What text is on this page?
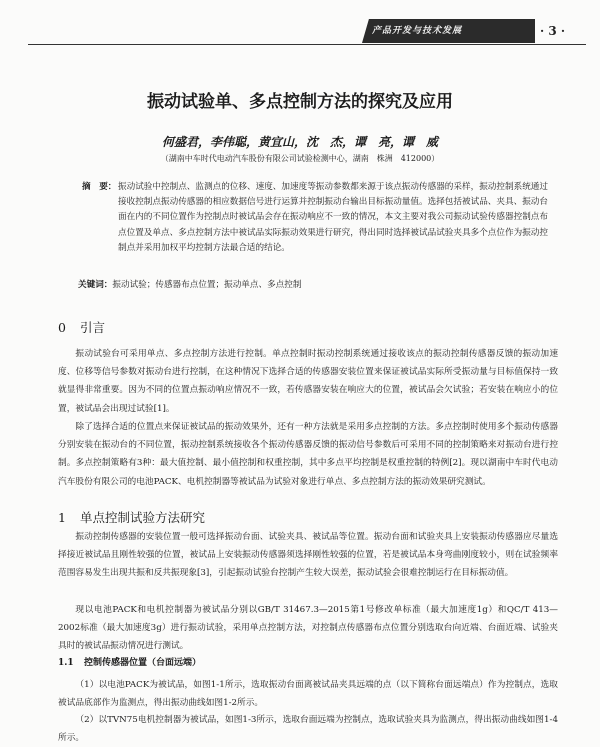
产品开发与技术发展	· 3 ·
振动试验单、多点控制方法的探究及应用
何盛君，李伟聪，黄宜山，沈　杰，谭　亮，谭　威
（湖南中车时代电动汽车股份有限公司试验检测中心，湖南　株洲　412000）
摘　要： 振动试验中控制点、监测点的位移、速度、加速度等振动参数都来源于该点振动传感器的采样，振动控制系统通过接收控制点振动传感器的相应数据信号进行运算并控制振动台输出目标振动量值。选择包括被试品、夹具、振动台面在内的不同位置作为控制点时被试品会存在振动响应不一致的情况，本文主要对我公司振动试验传感器控制点布点位置及单点、多点控制方法中被试品实际振动效果进行研究，得出同时选择被试品试验夹具多个点位作为振动控制点并采用加权平均控制方法最合适的结论。
关键词：振动试验；传感器布点位置；振动单点、多点控制
0 引言

振动试验台可采用单点、多点控制方法进行控制。单点控制时振动控制系统通过接收该点的振动控制传感器反馈的振动加速度、位移等信号参数对振动台进行控制，在这种情况下选择合适的传感器安装位置来保证被试品实际所受振动量与目标值保持一致就显得非常重要。因为不同的位置点振动响应情况不一致，若传感器安装在响应大的位置，被试品会欠试验；若安装在响应小的位置，被试品会出现过试验[1]。

除了选择合适的位置点来保证被试品的振动效果外，还有一种方法就是采用多点控制的方法。多点控制时使用多个振动传感器分别安装在振动台的不同位置，振动控制系统接收各个振动传感器反馈的振动信号参数后可采用不同的控制策略来对振动台进行控制。多点控制策略有3种：最大值控制、最小值控制和权重控制，其中多点平均控制是权重控制的特例[2]。现以湖南中车时代电动汽车股份有限公司的电池PACK、电机控制器等被试品为试验对象进行单点、多点控制方法的振动效果研究测试。

1 单点控制试验方法研究

振动控制传感器的安装位置一般可选择振动台面、试验夹具、被试品等位置。振动台面和试验夹具上安装振动传感器应尽量选择接近被试品且刚性较强的位置，被试品上安装振动传感器须选择刚性较强的位置，若是被试品本身弯曲刚度较小，则在试验频率范围容易发生出现共振和反共振现象[3]，引起振动试验台控制产生较大误差，振动试验会很难控制运行在目标振动值。

现以电池PACK和电机控制器为被试品分别以GB/T 31467.3—2015第1号修改单标准（最大加速度1g）和QC/T 413—2002标准（最大加速度3g）进行振动试验，采用单点控制方法，对控制点传感器布点位置分别选取台向近端、台面近端、试验夹具时的被试品振动情况进行测试。

1.1 控制传感器位置（台面远端）

（1）以电池PACK为被试品，如图1-1所示，选取振动台面离被试品夹具远端的点（以下简称台面远端点）作为控制点，选取被试品底部作为监测点，得出振动曲线如图1-2所示。

（2）以TVN75电机控制器为被试品，如图1-3所示，选取台面远端为控制点，选取试验夹具为监测点，得出振动曲线如图1-4所示。
